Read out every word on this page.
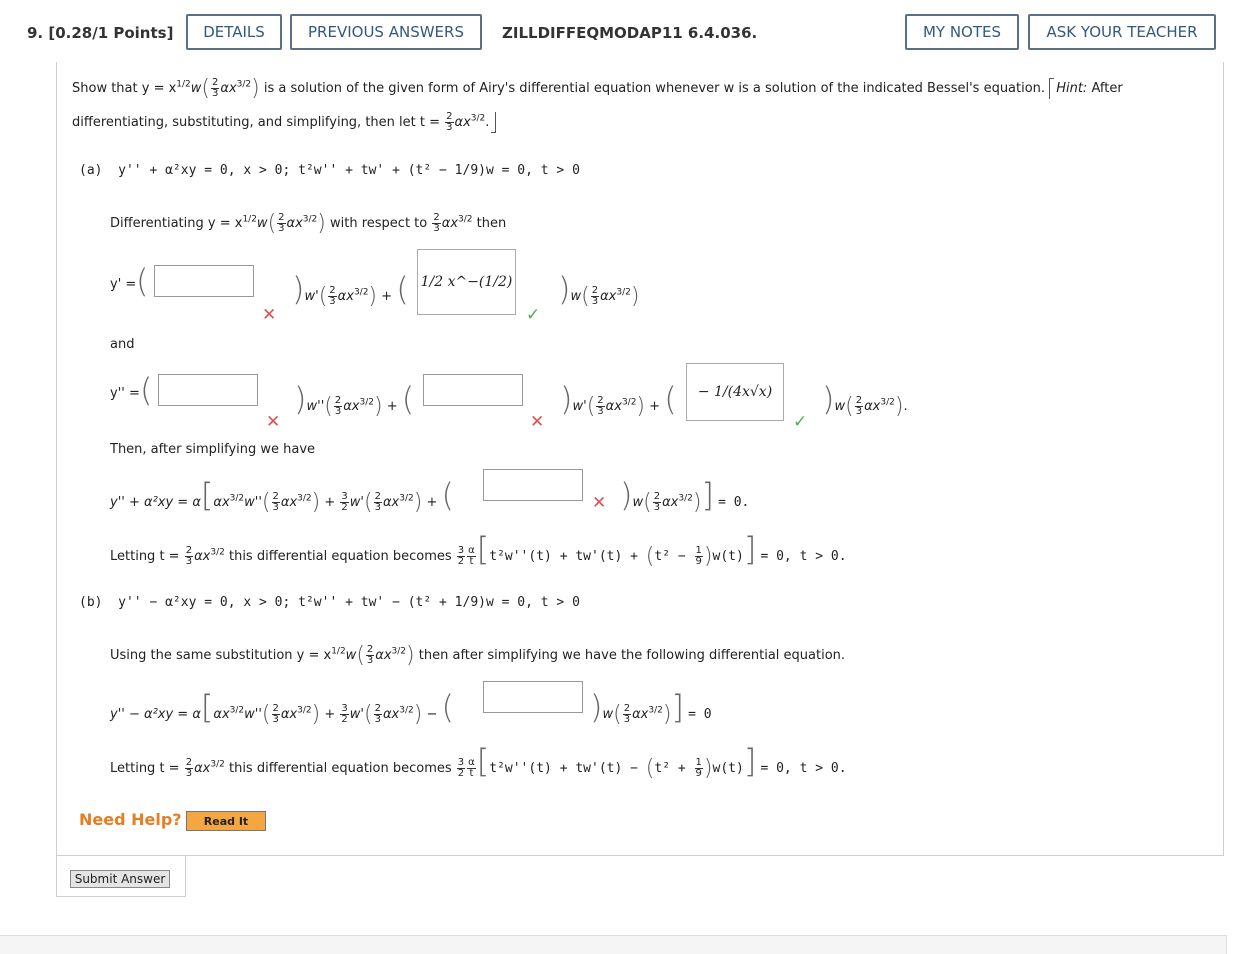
9. [0.28/1 Points]	DETAILS	PREVIOUS ANSWERS	ZILLDIFFEQMODAP11 6.4.036.	MY NOTES	ASK YOUR TEACHER
Show that $y = x^{1/2}w( \frac{2}{3} \alpha x^{3/2})$ is a solution of the given form of Airy's differential equation whenever w is a solution of the indicated Bessel's equation. Hint: After
differentiating, substituting, and simplifying, then let $t = \frac{2}{3} \alpha x^{3/2}$.
(a) y'' + α²xy = 0, x > 0; t²w'' + tw' + (t² − 1/9)w = 0, t > 0
Differentiating $y = x^{1/2}w( \frac{2}{3} \alpha x^{3/2})$ with respect to $\frac{2}{3} \alpha x^{3/2}$ then
y' = (
✕
)$w'( \frac{2}{3} \alpha x^{3/2})$ + ( 1/2 x^−(1/2)
✓
)$w( \frac{2}{3} \alpha x^{3/2})$
and
y'' = (
✕
)$w''( \frac{2}{3} \alpha x^{3/2})$ + (
✕
)$w'( \frac{2}{3} \alpha x^{3/2})$ + (	− 1/(4x√x)
✓
)$w( \frac{2}{3} \alpha x^{3/2})$.
Then, after simplifying we have
$y'' + \alpha^2xy = \alpha[\alpha x^{3/2}w''( \frac{2}{3} \alpha x^{3/2}) + \frac{3}{2} w'( \frac{2}{3} \alpha x^{3/2})$ + (	✕ )$w( \frac{2}{3} \alpha x^{3/2})] = 0$.
Letting $t = \frac{2}{3} \alpha x^{3/2}$ this differential equation becomes $\frac{3}{2} \frac{\alpha}{t} [t^2w''(t) + tw'(t) + (t^2 - \frac{1}{9} )w(t)] = 0$, t > 0.
(b) y'' − α²xy = 0, x > 0; t²w'' + tw' − (t² + 1/9)w = 0, t > 0
Using the same substitution $y = x^{1/2}w( \frac{2}{3} \alpha x^{3/2})$ then after simplifying we have the following differential equation.
$y'' - \alpha^2xy = \alpha[\alpha x^{3/2}w''( \frac{2}{3} \alpha x^{3/2}) + \frac{3}{2} w'( \frac{2}{3} \alpha x^{3/2})$ − (	)$w( \frac{2}{3} \alpha x^{3/2})] = 0$
Letting $t = \frac{2}{3} \alpha x^{3/2}$ this differential equation becomes $\frac{3}{2} \frac{\alpha}{t} [t^2w''(t) + tw'(t) - (t^2 + \frac{1}{9} )w(t)] = 0$, t > 0.
Need Help?	Read It
Submit Answer
